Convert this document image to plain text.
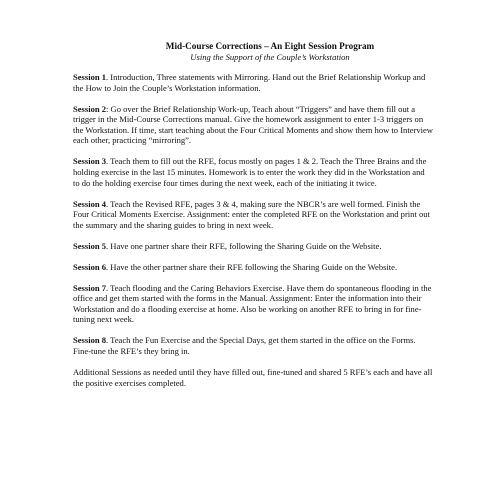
Mid-Course Corrections – An Eight Session Program

Using the Support of the Couple’s Workstation

Session 1. Introduction, Three statements with Mirroring. Hand out the Brief Relationship Workup and the How to Join the Couple’s Workstation information.

Session 2: Go over the Brief Relationship Work-up, Teach about “Triggers” and have them fill out a trigger in the Mid-Course Corrections manual. Give the homework assignment to enter 1-3 triggers on the Workstation. If time, start teaching about the Four Critical Moments and show them how to Interview each other, practicing “mirroring”.

Session 3. Teach them to fill out the RFE, focus mostly on pages 1 & 2. Teach the Three Brains and the holding exercise in the last 15 minutes. Homework is to enter the work they did in the Workstation and to do the holding exercise four times during the next week, each of the initiating it twice.

Session 4. Teach the Revised RFE, pages 3 & 4, making sure the NBCR’s are well formed. Finish the Four Critical Moments Exercise. Assignment: enter the completed RFE on the Workstation and print out the summary and the sharing guides to bring in next week.

Session 5. Have one partner share their RFE, following the Sharing Guide on the Website.

Session 6. Have the other partner share their RFE following the Sharing Guide on the Website.

Session 7. Teach flooding and the Caring Behaviors Exercise. Have them do spontaneous flooding in the office and get them started with the forms in the Manual. Assignment: Enter the information into their Workstation and do a flooding exercise at home. Also be working on another RFE to bring in for fine-tuning next week.

Session 8. Teach the Fun Exercise and the Special Days, get them started in the office on the Forms. Fine-tune the RFE’s they bring in.

Additional Sessions as needed until they have filled out, fine-tuned and shared 5 RFE’s each and have all the positive exercises completed.
